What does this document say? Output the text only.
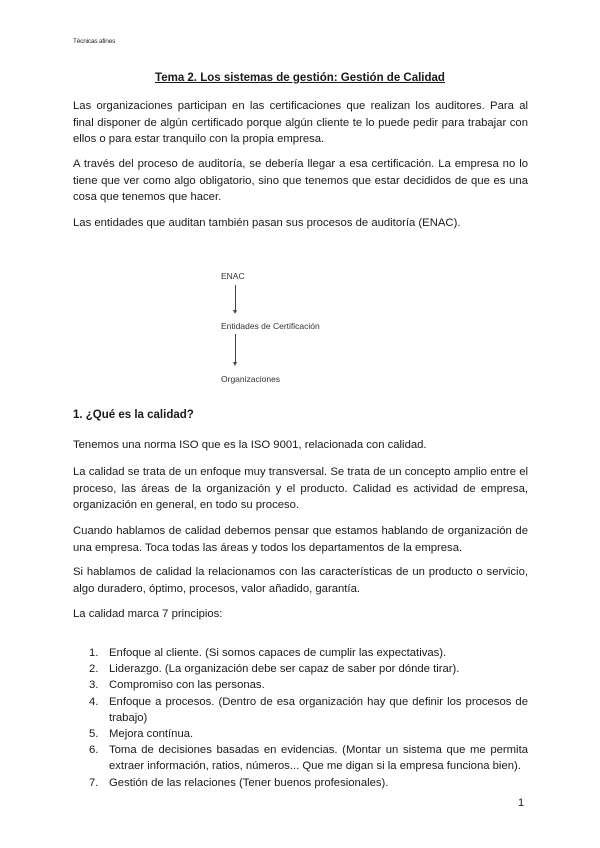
Técnicas afines
Tema 2. Los sistemas de gestión: Gestión de Calidad

Las organizaciones participan en las certificaciones que realizan los auditores. Para al final disponer de algún certificado porque algún cliente te lo puede pedir para trabajar con ellos o para estar tranquilo con la propia empresa.

A través del proceso de auditoría, se debería llegar a esa certificación. La empresa no lo tiene que ver como algo obligatorio, sino que tenemos que estar decididos de que es una cosa que tenemos que hacer.

Las entidades que auditan también pasan sus procesos de auditoría (ENAC).

ENAC
Entidades de Certificación
Organizaciones
1. ¿Qué es la calidad?

Tenemos una norma ISO que es la ISO 9001, relacionada con calidad.

La calidad se trata de un enfoque muy transversal. Se trata de un concepto amplio entre el proceso, las áreas de la organización y el producto. Calidad es actividad de empresa, organización en general, en todo su proceso.

Cuando hablamos de calidad debemos pensar que estamos hablando de organización de una empresa. Toca todas las áreas y todos los departamentos de la empresa.

Si hablamos de calidad la relacionamos con las características de un producto o servicio, algo duradero, óptimo, procesos, valor añadido, garantía.

La calidad marca 7 principios:

1. Enfoque al cliente. (Si somos capaces de cumplir las expectativas).
2. Liderazgo. (La organización debe ser capaz de saber por dónde tirar).
3. Compromiso con las personas.
4. Enfoque a procesos. (Dentro de esa organización hay que definir los procesos de trabajo)
5. Mejora contínua.
6. Toma de decisiones basadas en evidencias. (Montar un sistema que me permita extraer información, ratios, números... Que me digan si la empresa funciona bien).
7. Gestión de las relaciones (Tener buenos profesionales).
1
